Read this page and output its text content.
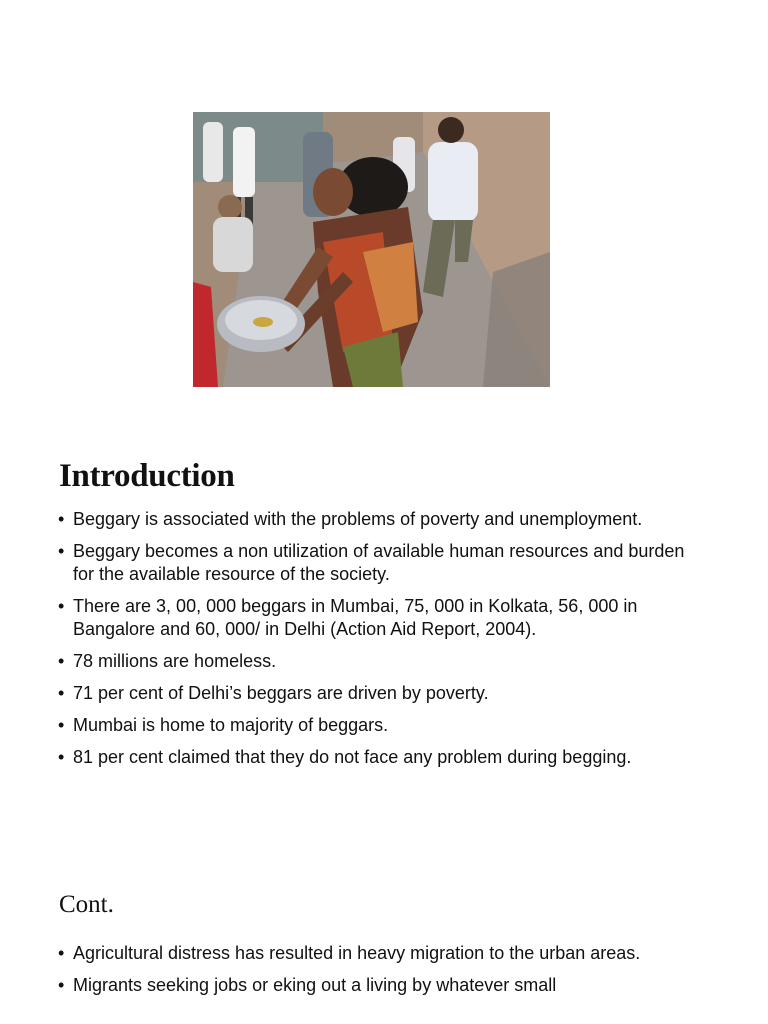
Introduction
• Beggary is associated with the problems of poverty and unemployment.
• Beggary becomes a non utilization of available human resources and burden for the available resource of the society.
• There are 3, 00, 000 beggars in Mumbai, 75, 000 in Kolkata, 56, 000 in Bangalore and 60, 000/ in Delhi (Action Aid Report, 2004).
• 78 millions are homeless.
• 71 per cent of Delhi’s beggars are driven by poverty.
• Mumbai is home to majority of beggars.
• 81 per cent claimed that they do not face any problem during begging.
Cont.
• Agricultural distress has resulted in heavy migration to the urban areas.
• Migrants seeking jobs or eking out a living by whatever small
